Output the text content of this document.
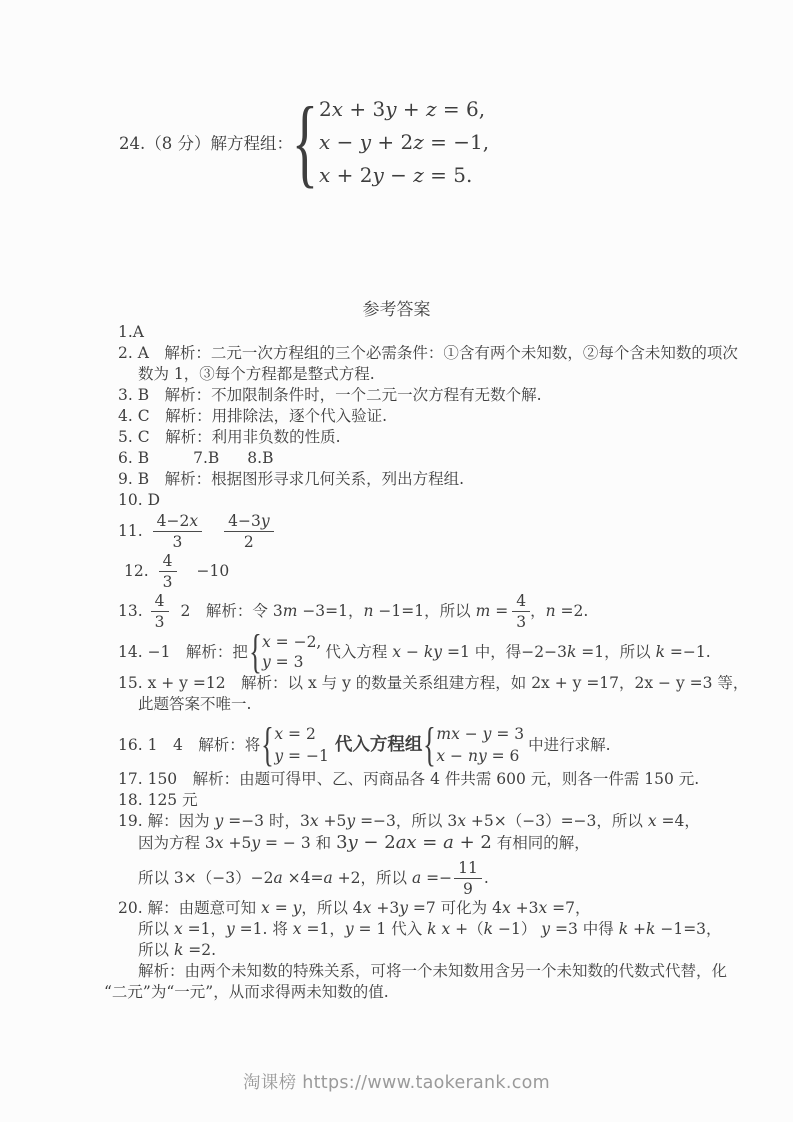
24.（8 分）解方程组：
{ 2x + 3y + z = 6,
x − y + 2z = −1,
x + 2y − z = 5.
参考答案

1.A

2. A　解析：二元一次方程组的三个必需条件：①含有两个未知数，②每个含未知数的项次

数为 1，③每个方程都是整式方程.

3. B　解析：不加限制条件时，一个二元一次方程有无数个解.

4. C　解析：用排除法，逐个代入验证.

5. C　解析：利用非负数的性质.

6. B	7.B 8.B

9. B　解析：根据图形寻求几何关系，列出方程组.

10. D

11. $\frac{4-2x}{3} \frac{4-3y}{2}$
12. $\frac{4}{3} -10$
13. $\frac{4}{3} 2$　解析：令 3m −3=1，n −1=1，所以 $m = \frac{4}{3}$ ，n =2.
14. −1　解析：把 { x = −2,
y = 3
代入方程 x − ky =1 中，得−2−3k =1，所以 k =−1.

15. x + y =12　解析：以 x 与 y 的数量关系组建方程，如 2x + y =17，2x − y =3 等，

此题答案不唯一.

16. 1　4　解析：将 { x = 2
y = −1
代入方程组 { mx − y = 3
x − ny = 6
中进行求解.

17. 150　解析：由题可得甲、乙、丙商品各 4 件共需 600 元，则各一件需 150 元.

18. 125 元

19. 解：因为 y =−3 时，3x +5y =−3，所以 3x +5×（−3）=−3，所以 x =4，

因为方程 3x +5y = − 3 和 3y − 2ax = a + 2 有相同的解，

所以 3×（−3）−2a ×4=a +2，所以 $a =- \frac{11}{9}$ .

20. 解：由题意可知 x = y，所以 4x +3y =7 可化为 4x +3x =7，

所以 x =1，y =1. 将 x =1，y = 1 代入 k x +（k −1） y =3 中得 k +k −1=3，

所以 k =2.

解析：由两个未知数的特殊关系，可将一个未知数用含另一个未知数的代数式代替，化

“二元”为“一元”，从而求得两未知数的值.

淘课榜 https://www.taokerank.com
